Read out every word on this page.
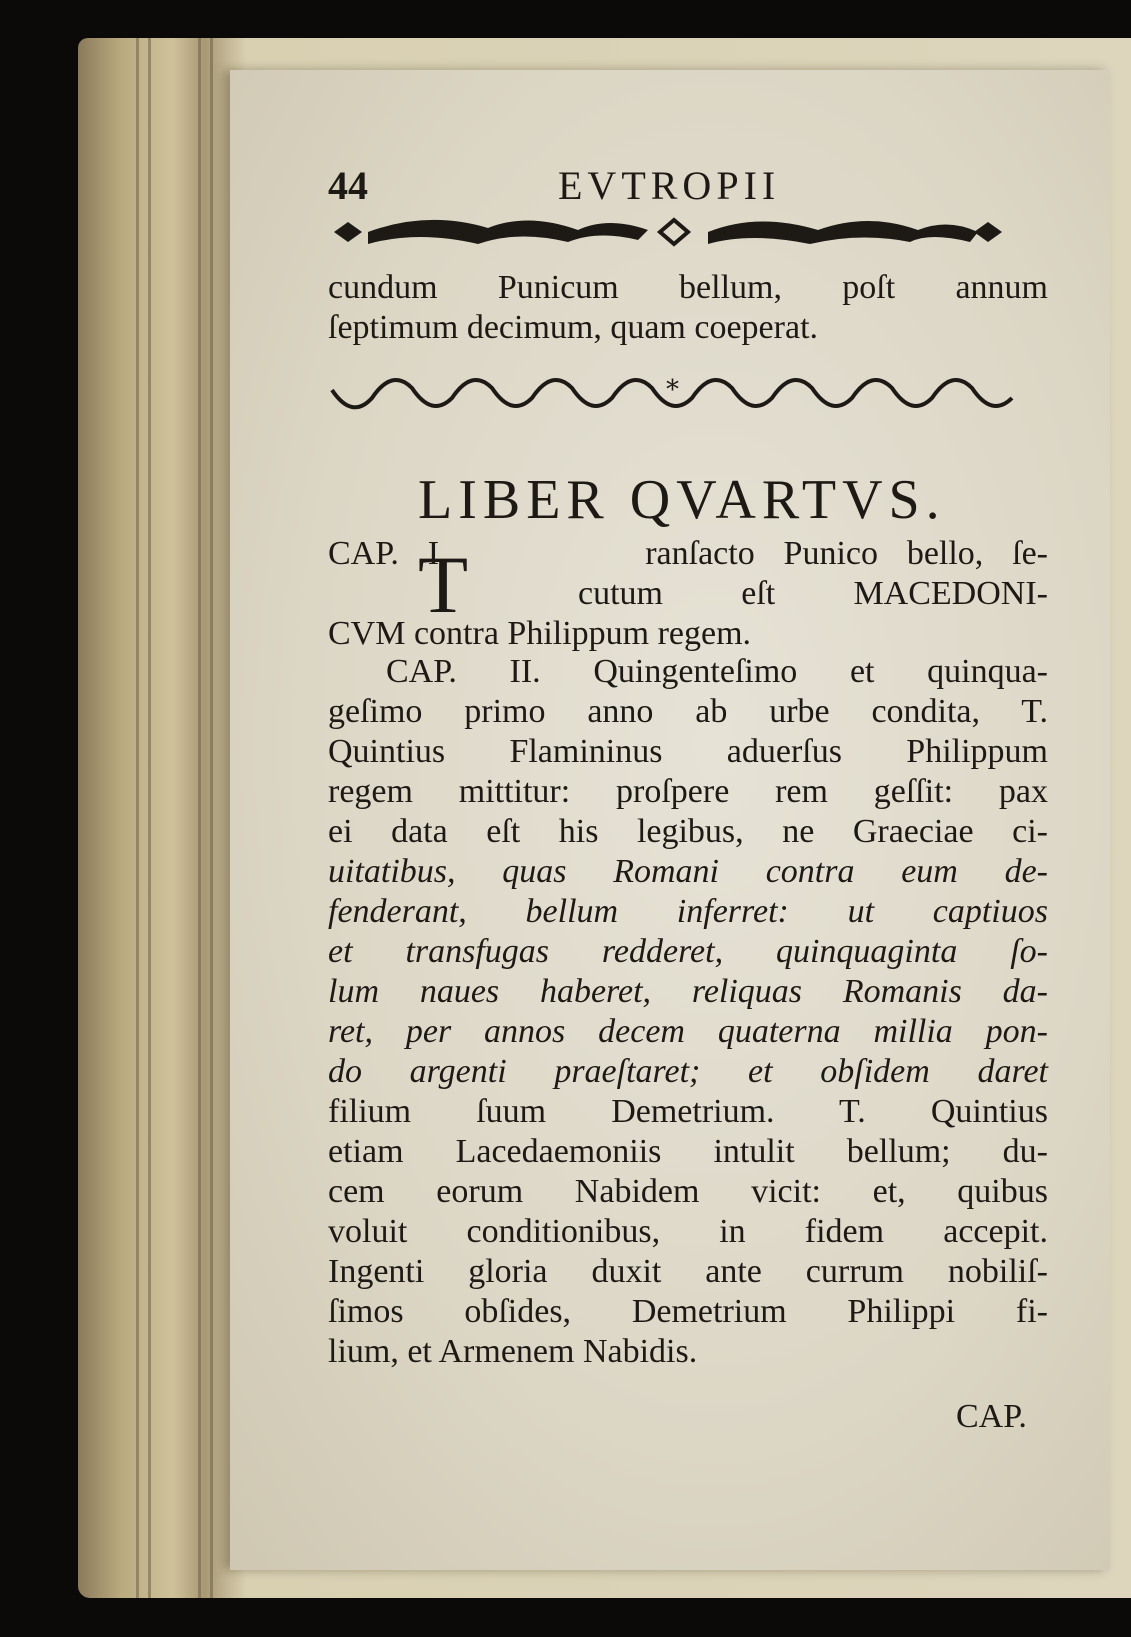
44	EVTROPII
cundum Punicum bellum, poſt annum
ſeptimum decimum, quam coeperat.
*
LIBER QVARTVS.
CAP. I.	ranſacto Punico bello, ſe-
cutum eſt MACEDONI-
CVM contra Philippum regem.
T
CAP. II. Quingenteſimo et quinqua-
geſimo primo anno ab urbe condita, T.
Quintius Flamininus aduerſus Philippum
regem mittitur: proſpere rem geſſit: pax
ei data eſt his legibus, ne Graeciae ci-
uitatibus, quas Romani contra eum de-
fenderant, bellum inferret: ut captiuos
et transfugas redderet, quinquaginta ſo-
lum naues haberet, reliquas Romanis da-
ret, per annos decem quaterna millia pon-
do argenti praeſtaret; et obſidem daret
filium ſuum Demetrium. T. Quintius
etiam Lacedaemoniis intulit bellum; du-
cem eorum Nabidem vicit: et, quibus
voluit conditionibus, in fidem accepit.
Ingenti gloria duxit ante currum nobiliſ-
ſimos obſides, Demetrium Philippi fi-
lium, et Armenem Nabidis.
CAP.
